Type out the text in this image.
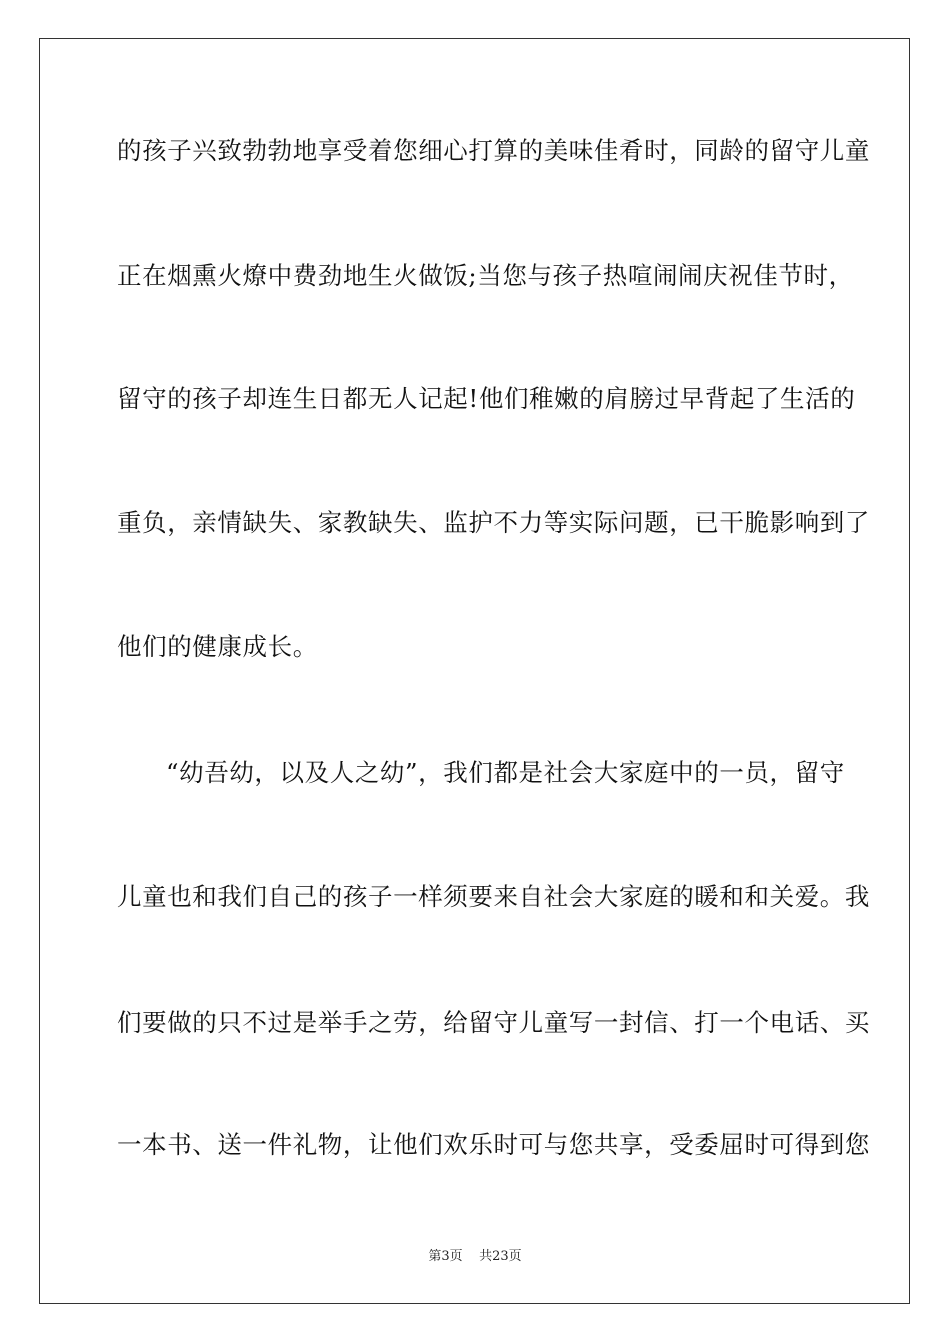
的孩子兴致勃勃地享受着您细心打算的美味佳肴时，同龄的留守儿童
正在烟熏火燎中费劲地生火做饭;当您与孩子热喧闹闹庆祝佳节时，
留守的孩子却连生日都无人记起!他们稚嫩的肩膀过早背起了生活的
重负，亲情缺失、家教缺失、监护不力等实际问题，已干脆影响到了
他们的健康成长。
“幼吾幼，以及人之幼”，我们都是社会大家庭中的一员，留守
儿童也和我们自己的孩子一样须要来自社会大家庭的暖和和关爱。我
们要做的只不过是举手之劳，给留守儿童写一封信、打一个电话、买
一本书、送一件礼物，让他们欢乐时可与您共享，受委屈时可得到您
第3页 共23页
